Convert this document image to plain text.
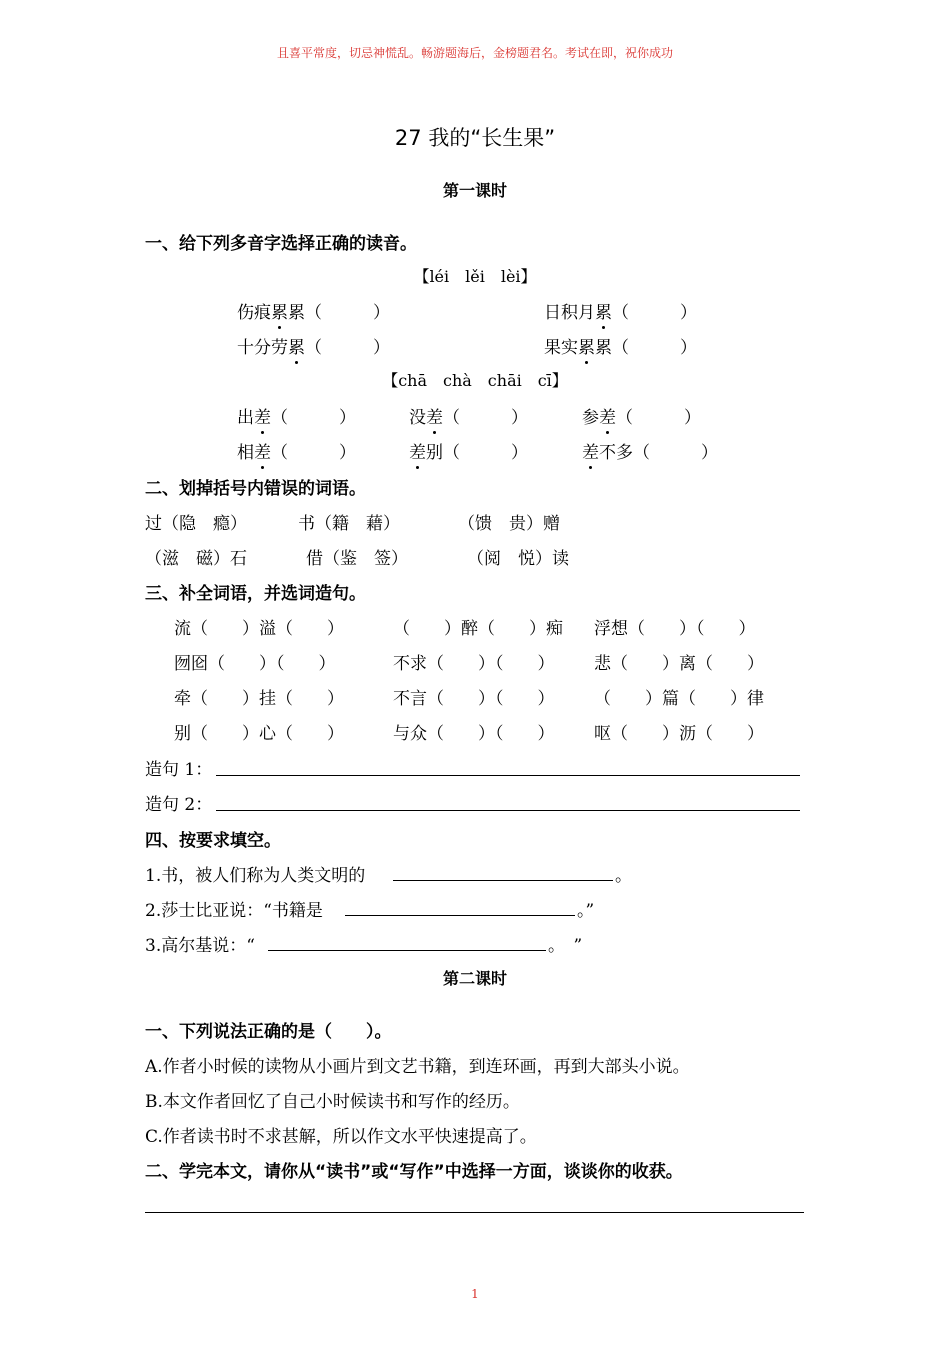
且喜平常度，切忌神慌乱。畅游题海后，金榜题君名。考试在即，祝你成功
27 我的“长生果”
第一课时
一、给下列多音字选择正确的读音。
【léi　lěi　lèi】
伤痕累累（　　　）	日积月累（　　　）
十分劳累（　　　）	果实累累（　　　）
【chā　chà　chāi　cī】
出差（　　　）	没差（　　　）	参差（　　　）
相差（　　　）	差别（　　　）	差不多（　　　）
二、划掉括号内错误的词语。
过（隐　瘾）	书（籍　藉）	（馈　贵）赠
（滋　磁）石	借（鉴　签）	（阅　悦）读
三、补全词语，并选词造句。
流（　　）溢（　　）	（　　）醉（　　）痴 浮想（　　）（　　）
囫囵（　　）（　　）	不求（　　）（　　） 悲（　　）离（　　）
牵（　　）挂（　　）	不言（　　）（　　） （　　）篇（　　）律
别（　　）心（　　）	与众（　　）（　　） 呕（　　）沥（　　）
造句 1：
造句 2：
四、按要求填空。
1.书，被人们称为人类文明的	。
2.莎士比亚说：“书籍是	。”
3.高尔基说：“	。　”
第二课时
一、下列说法正确的是（　　）。
A.作者小时候的读物从小画片到文艺书籍，到连环画，再到大部头小说。
B.本文作者回忆了自己小时候读书和写作的经历。
C.作者读书时不求甚解，所以作文水平快速提高了。
二、学完本文，请你从“读书”或“写作”中选择一方面，谈谈你的收获。
1
